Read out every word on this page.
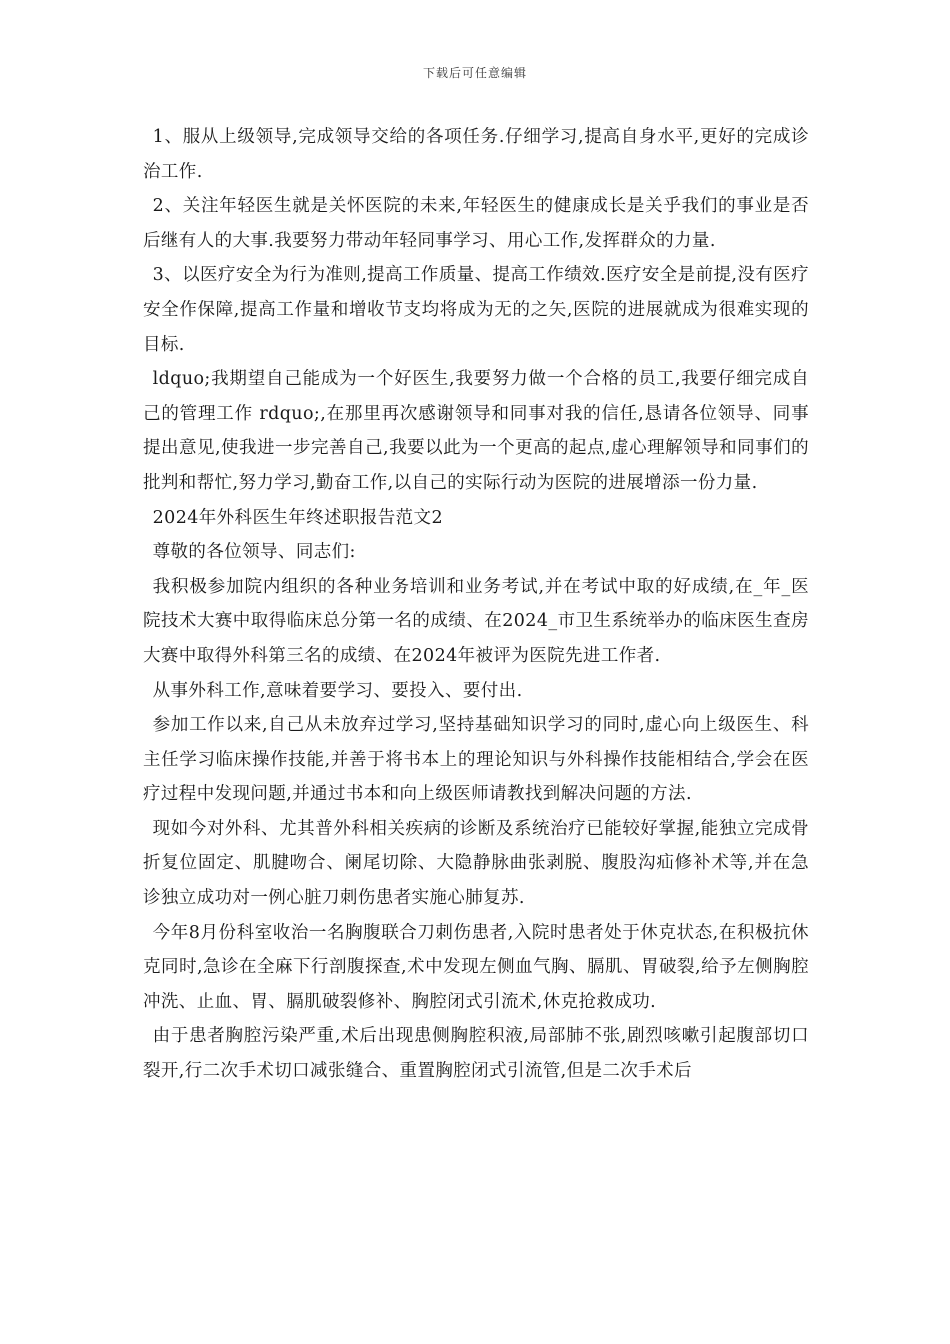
下载后可任意编辑

1、服从上级领导,完成领导交给的各项任务.仔细学习,提高自身水平,更好的完成诊治工作.

2、关注年轻医生就是关怀医院的未来,年轻医生的健康成长是关乎我们的事业是否后继有人的大事.我要努力带动年轻同事学习、用心工作,发挥群众的力量.

3、以医疗安全为行为准则,提高工作质量、提高工作绩效.医疗安全是前提,没有医疗安全作保障,提高工作量和增收节支均将成为无的之矢,医院的进展就成为很难实现的目标.

ldquo;我期望自己能成为一个好医生,我要努力做一个合格的员工,我要仔细完成自己的管理工作 rdquo;,在那里再次感谢领导和同事对我的信任,恳请各位领导、同事提出意见,使我进一步完善自己,我要以此为一个更高的起点,虚心理解领导和同事们的批判和帮忙,努力学习,勤奋工作,以自己的实际行动为医院的进展增添一份力量.

2024年外科医生年终述职报告范文2

尊敬的各位领导、同志们:

我积极参加院内组织的各种业务培训和业务考试,并在考试中取的好成绩,在_年_医院技术大赛中取得临床总分第一名的成绩、在2024_市卫生系统举办的临床医生查房大赛中取得外科第三名的成绩、在2024年被评为医院先进工作者.

从事外科工作,意味着要学习、要投入、要付出.

参加工作以来,自己从未放弃过学习,坚持基础知识学习的同时,虚心向上级医生、科主任学习临床操作技能,并善于将书本上的理论知识与外科操作技能相结合,学会在医疗过程中发现问题,并通过书本和向上级医师请教找到解决问题的方法.

现如今对外科、尤其普外科相关疾病的诊断及系统治疗已能较好掌握,能独立完成骨折复位固定、肌腱吻合、阑尾切除、大隐静脉曲张剥脱、腹股沟疝修补术等,并在急诊独立成功对一例心脏刀刺伤患者实施心肺复苏.

今年8月份科室收治一名胸腹联合刀刺伤患者,入院时患者处于休克状态,在积极抗休克同时,急诊在全麻下行剖腹探查,术中发现左侧血气胸、膈肌、胃破裂,给予左侧胸腔冲洗、止血、胃、膈肌破裂修补、胸腔闭式引流术,休克抢救成功.

由于患者胸腔污染严重,术后出现患侧胸腔积液,局部肺不张,剧烈咳嗽引起腹部切口裂开,行二次手术切口减张缝合、重置胸腔闭式引流管,但是二次手术后
